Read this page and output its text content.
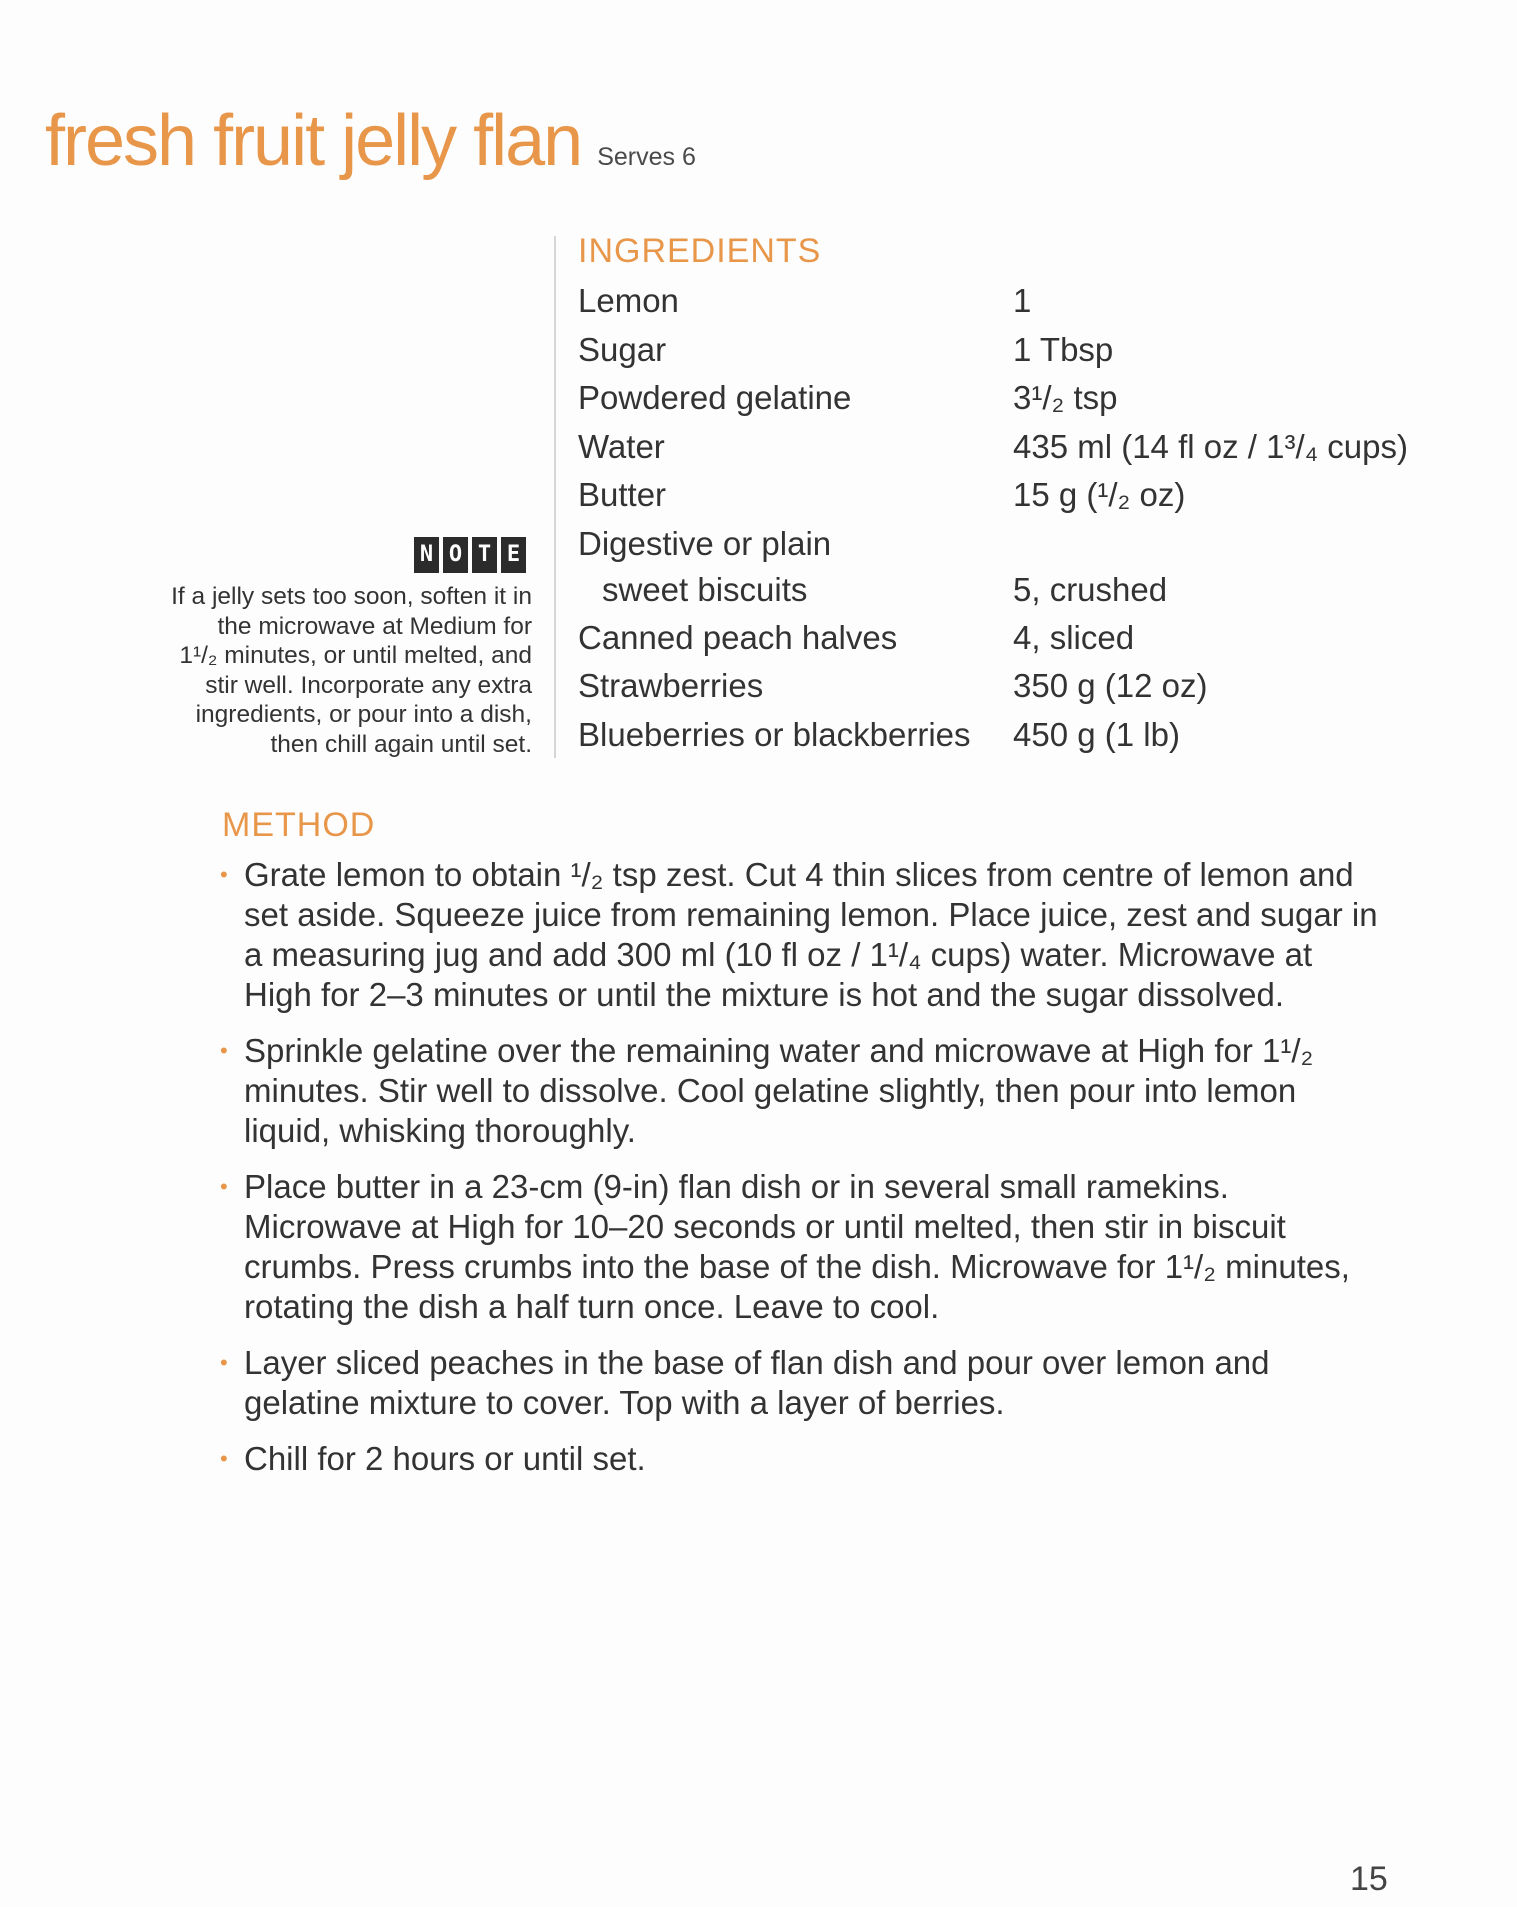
fresh fruit jelly flan Serves 6
INGREDIENTS
Lemon	1
Sugar	1 Tbsp
Powdered gelatine	3¹/₂ tsp
Water	435 ml (14 fl oz / 1³/₄ cups)
Butter	15 g (¹/₂ oz)
Digestive or plain
sweet biscuits	5, crushed
Canned peach halves	4, sliced
Strawberries	350 g (12 oz)
Blueberries or blackberries	450 g (1 lb)
N O T E
If a jelly sets too soon, soften it in
the microwave at Medium for
1¹/₂ minutes, or until melted, and
stir well. Incorporate any extra
ingredients, or pour into a dish,
then chill again until set.
METHOD
• Grate lemon to obtain ¹/₂ tsp zest. Cut 4 thin slices from centre of lemon and set aside. Squeeze juice from remaining lemon. Place juice, zest and sugar in a measuring jug and add 300 ml (10 fl oz / 1¹/₄ cups) water. Microwave at High for 2–3 minutes or until the mixture is hot and the sugar dissolved.
• Sprinkle gelatine over the remaining water and microwave at High for 1¹/₂ minutes. Stir well to dissolve. Cool gelatine slightly, then pour into lemon liquid, whisking thoroughly.
• Place butter in a 23-cm (9-in) flan dish or in several small ramekins. Microwave at High for 10–20 seconds or until melted, then stir in biscuit crumbs. Press crumbs into the base of the dish. Microwave for 1¹/₂ minutes, rotating the dish a half turn once. Leave to cool.
• Layer sliced peaches in the base of flan dish and pour over lemon and gelatine mixture to cover. Top with a layer of berries.
• Chill for 2 hours or until set.
15
